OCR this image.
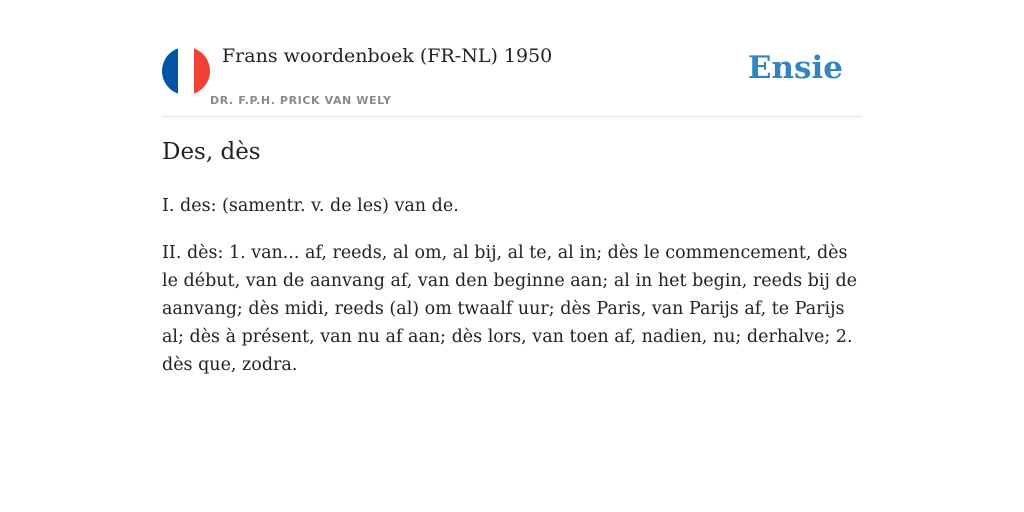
Frans woordenboek (FR-NL) 1950
DR. F.P.H. PRICK VAN WELY
Ensie
Des, dès

I. des: (samentr. v. de les) van de.

II. dès: 1. van... af, reeds, al om, al bij, al te, al in; dès le commencement, dès le début, van de aanvang af, van den beginne aan; al in het begin, reeds bij de aanvang; dès midi, reeds (al) om twaalf uur; dès Paris, van Parijs af, te Parijs al; dès à présent, van nu af aan; dès lors, van toen af, nadien, nu; derhalve; 2. dès que, zodra.
